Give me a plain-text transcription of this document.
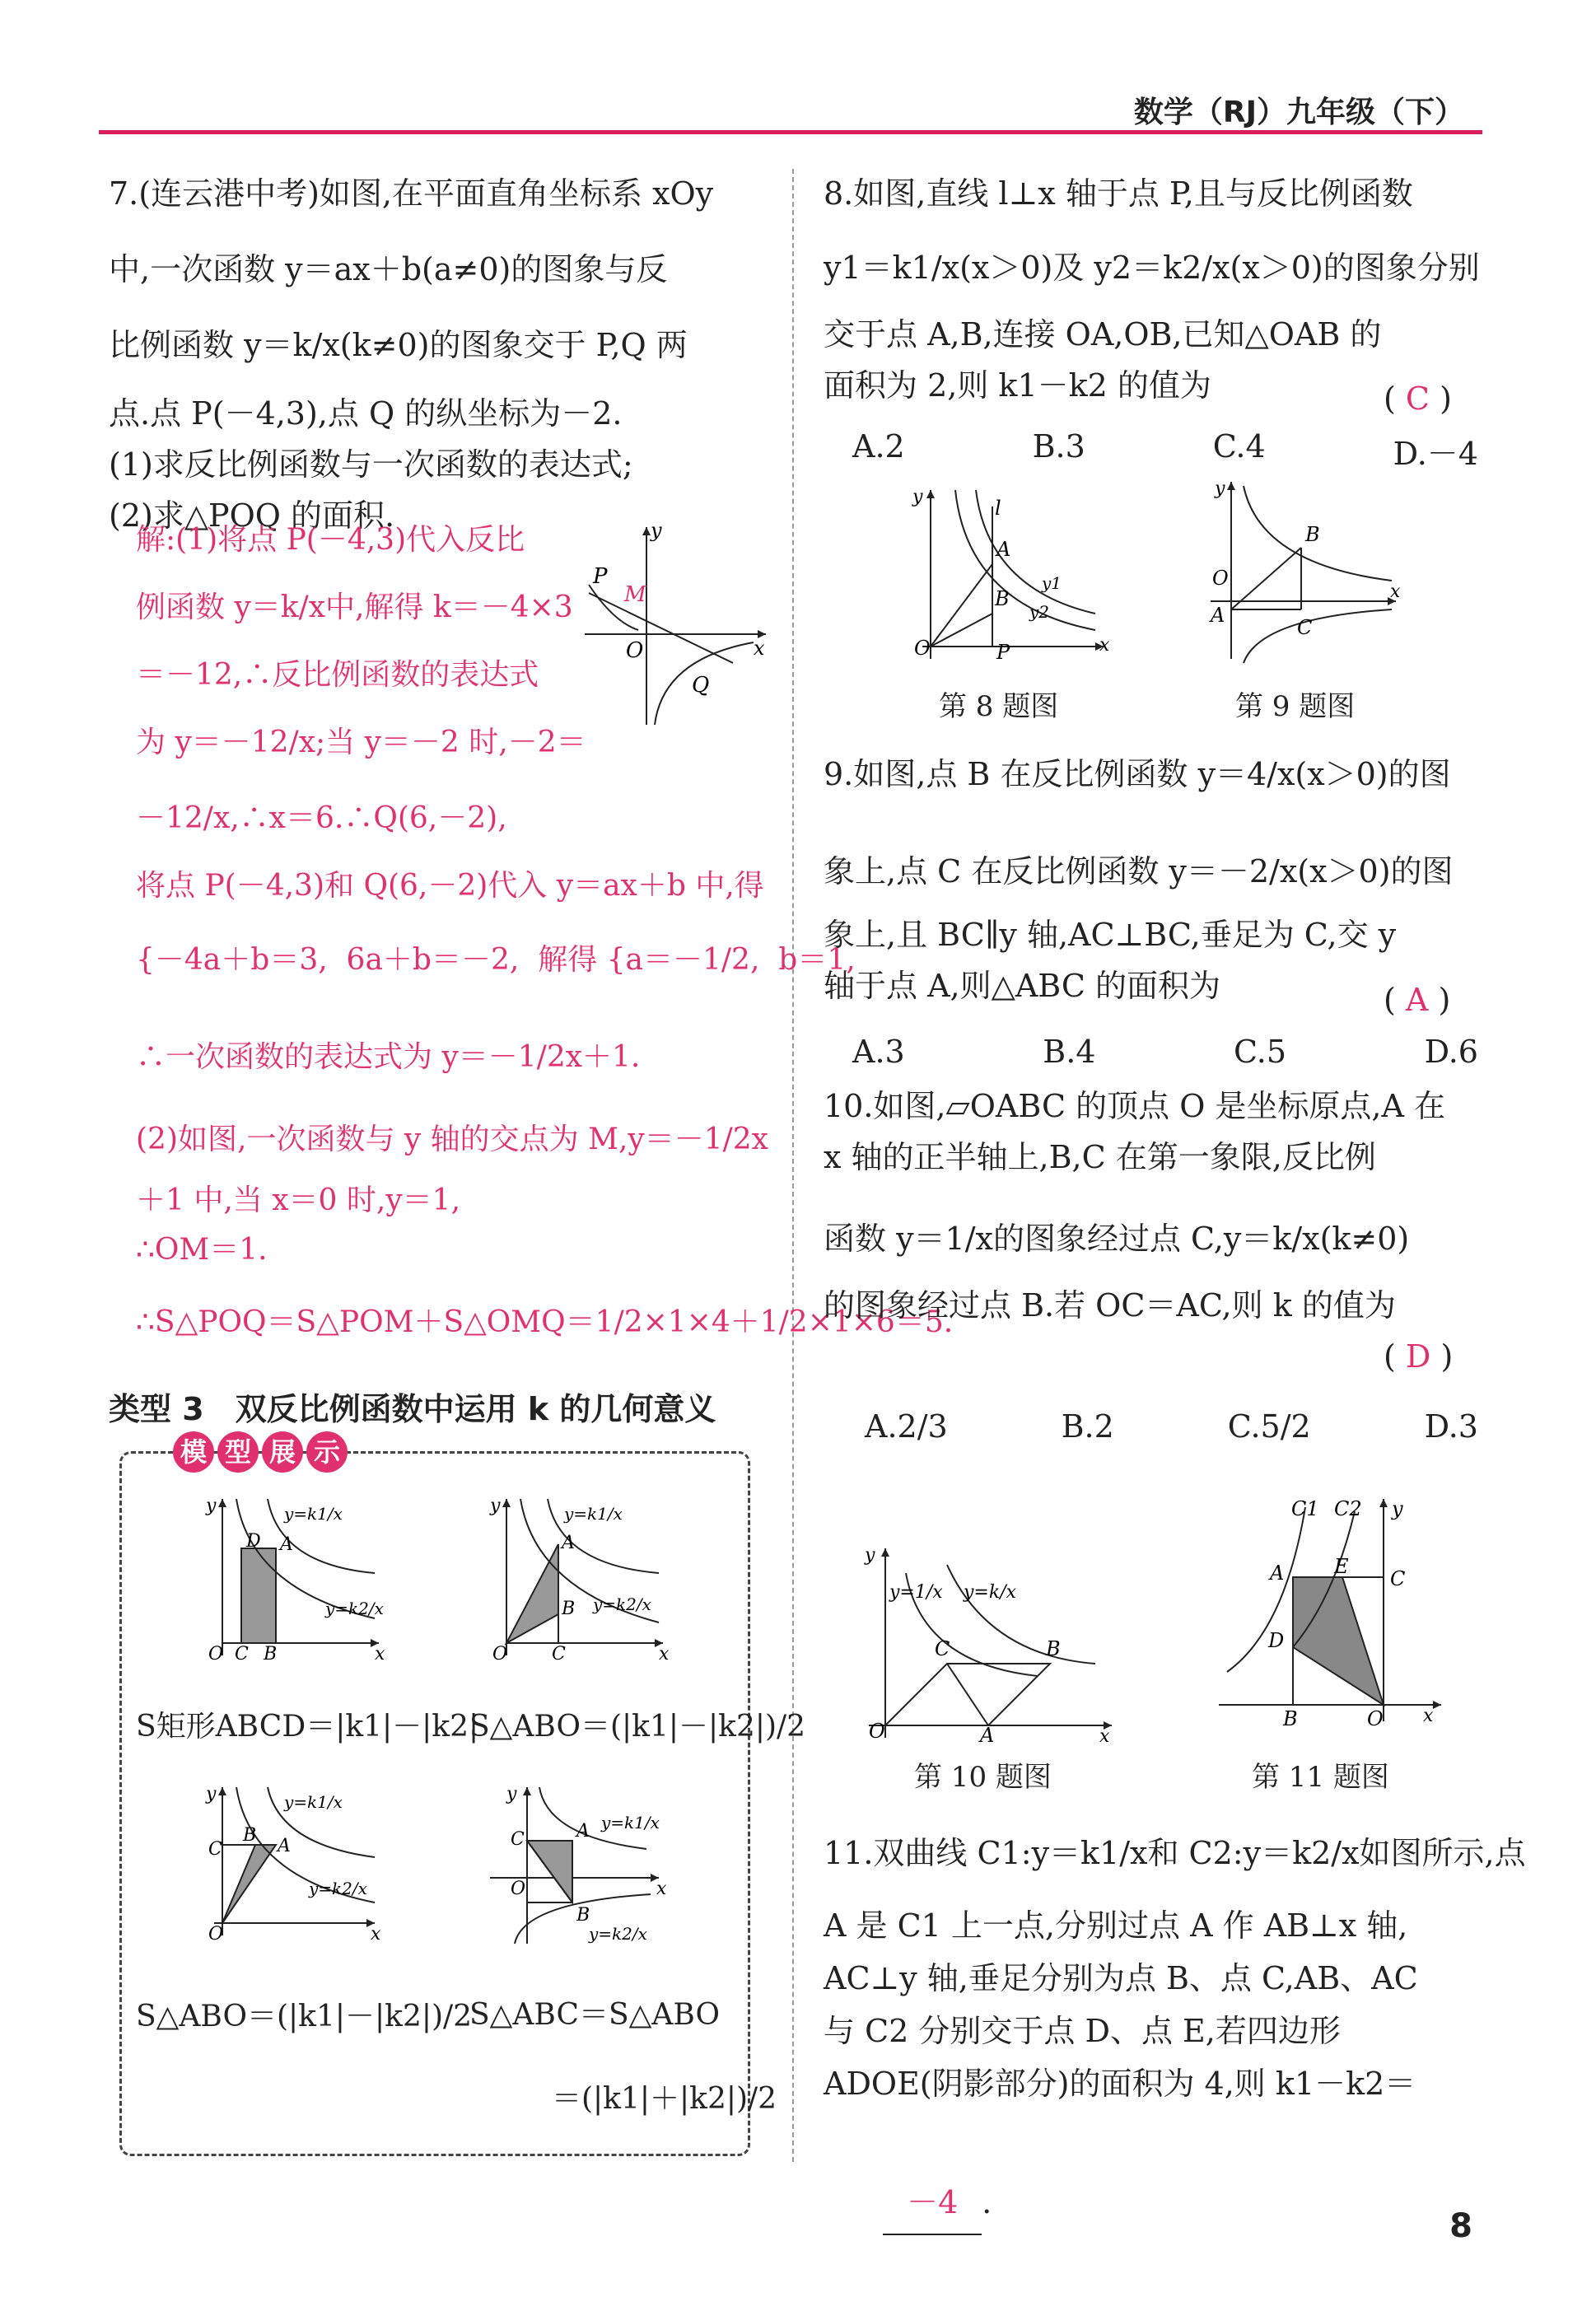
数学（RJ）九年级（下）
7.(连云港中考)如图,在平面直角坐标系 xOy
中,一次函数 y＝ax＋b(a≠0)的图象与反
比例函数 y＝k/x(k≠0)的图象交于 P,Q 两
点.点 P(－4,3),点 Q 的纵坐标为－2.
(1)求反比例函数与一次函数的表达式;
(2)求△POQ 的面积.
解:(1)将点 P(－4,3)代入反比
例函数 y＝k/x中,解得 k＝－4×3
＝－12,∴反比例函数的表达式
为 y＝－12/x;当 y＝－2 时,－2＝
－12/x,∴x＝6.∴Q(6,－2),
将点 P(－4,3)和 Q(6,－2)代入 y＝ax＋b 中,得
{－4a＋b＝3,  6a＋b＝－2,  解得 {a＝－1/2,  b＝1,
∴一次函数的表达式为 y＝－1/2x＋1.
(2)如图,一次函数与 y 轴的交点为 M,y＝－1/2x
＋1 中,当 x＝0 时,y＝1,
∴OM＝1.
∴S△POQ＝S△POM＋S△OMQ＝1/2×1×4＋1/2×1×6＝5.
P
M
O
Q
x
y
类型 3　双反比例函数中运用 k 的几何意义
模 型 展 示
D A
C B
O	x
y	y=k1/x
y=k2/x
A
B
C
O	x
y	y=k1/x
y=k2/x
S矩形ABCD＝|k1|－|k2|
S△ABO＝(|k1|－|k2|)/2
C
B
A
O	x
y	y=k1/x
y=k2/x
C	A
B
O	x
y
y=k1/x
y=k2/x
S△ABO＝(|k1|－|k2|)/2
S△ABC＝S△ABO
＝(|k1|＋|k2|)/2
8.如图,直线 l⊥x 轴于点 P,且与反比例函数
y1＝k1/x(x＞0)及 y2＝k2/x(x＞0)的图象分别
交于点 A,B,连接 OA,OB,已知△OAB 的
面积为 2,则 k1－k2 的值为	( C )
A.2	B.3	C.4	D.－4
l
A
B
O	P	x
y
y1
y2
B
O
A
C
x
y
第 8 题图	第 9 题图
9.如图,点 B 在反比例函数 y＝4/x(x＞0)的图
象上,点 C 在反比例函数 y＝－2/x(x＞0)的图
象上,且 BC∥y 轴,AC⊥BC,垂足为 C,交 y
轴于点 A,则△ABC 的面积为	( A )
A.3	B.4	C.5	D.6
10.如图,▱OABC 的顶点 O 是坐标原点,A 在
x 轴的正半轴上,B,C 在第一象限,反比例
函数 y＝1/x的图象经过点 C,y＝k/x(k≠0)
的图象经过点 B.若 OC＝AC,则 k 的值为
( D )
A.2/3	B.2	C.5/2	D.3
y=1/x y=k/x
C	B
O	A	x
y
C1 C2 y
A	E
C
D
B	O x
第 10 题图	第 11 题图
11.双曲线 C1:y＝k1/x和 C2:y＝k2/x如图所示,点
A 是 C1 上一点,分别过点 A 作 AB⊥x 轴,
AC⊥y 轴,垂足分别为点 B、点 C,AB、AC
与 C2 分别交于点 D、点 E,若四边形
ADOE(阴影部分)的面积为 4,则 k1－k2＝

－4 .

8
